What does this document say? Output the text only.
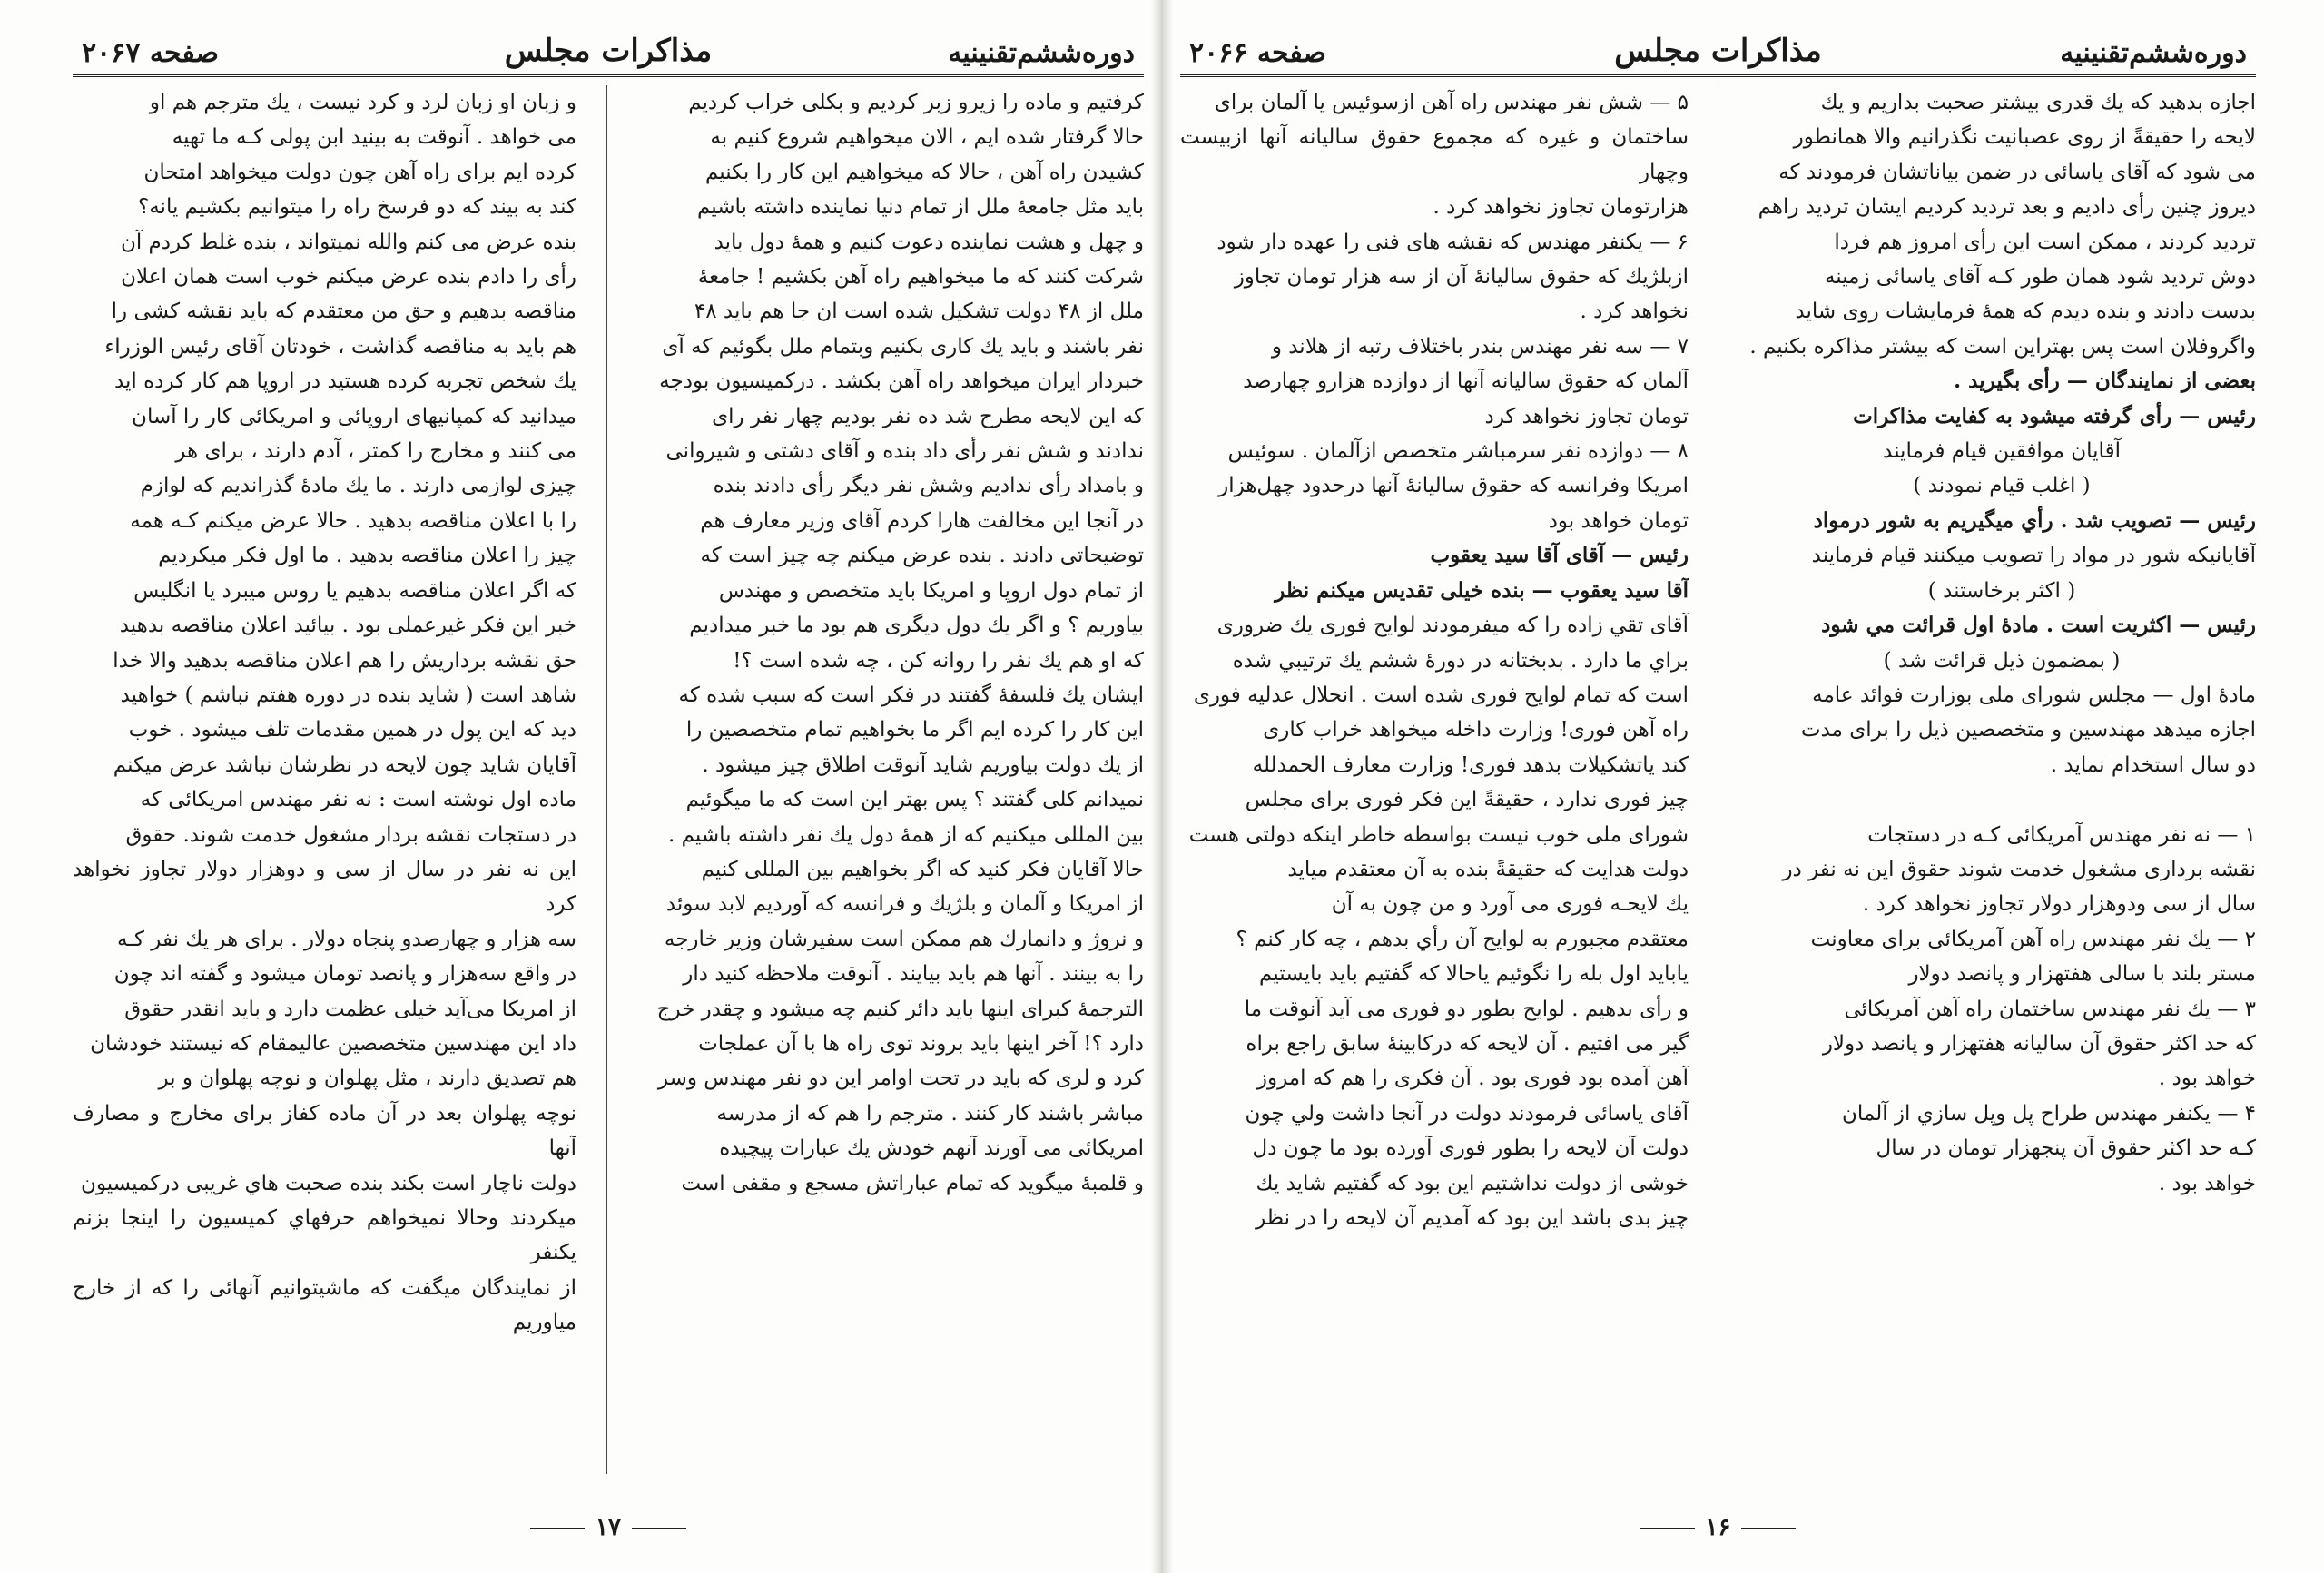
دوره‌ششم‌تقنینیه
مذاکرات مجلس
صفحه ۲۰۶۷

کرفتیم و ماده را زیرو زبر کردیم و بکلی خراب کردیم

حالا گرفتار شده ایم ، الان میخواهیم شروع کنیم به

کشیدن راه آهن ، حالا که میخواهیم این کار را بکنیم

باید مثل جامعهٔ ملل از تمام دنیا نماینده داشته باشیم

و چهل و هشت نماینده دعوت کنیم و همهٔ دول باید

شرکت کنند که ما میخواهیم راه آهن بکشیم ! جامعهٔ

ملل از ۴۸ دولت تشکیل شده است ان جا هم باید ۴۸

نفر باشند و باید یك کاری بکنیم وبتمام ملل بگوئیم که آی

خبردار ایران میخواهد راه آهن بکشد . درکمیسیون بودجه

که این لایحه مطرح شد ده نفر بودیم چهار نفر رای

ندادند و شش نفر رأی داد بنده و آقای دشتی و شیروانی

و بامداد رأی ندادیم وشش نفر دیگر رأی دادند بنده

در آنجا این مخالفت هارا کردم آقای وزیر معارف هم

توضیحاتی دادند . بنده عرض میکنم چه چیز است که

از تمام دول اروپا و امریکا باید متخصص و مهندس

بیاوریم ؟ و اگر یك دول دیگری هم بود ما خبر میدادیم

که او هم یك نفر را روانه کن ، چه شده است ؟!

ایشان یك فلسفهٔ گفتند در فکر است که سبب شده که

این کار را کرده ایم اگر ما بخواهیم تمام متخصصین را

از یك دولت بیاوریم شاید آنوقت اطلاق چیز میشود .

نمیدانم کلی گفتند ؟ پس بهتر این است که ما میگوئیم

بین المللی میکنیم که از همهٔ دول یك نفر داشته باشیم .

حالا آقایان فکر کنید که اگر بخواهیم بین المللی کنیم

از امریکا و آلمان و بلژیك و فرانسه که آوردیم لابد سوئد

و نروژ و دانمارك هم ممکن است سفیرشان وزیر خارجه

را به بینند . آنها هم باید بیایند . آنوقت ملاحظه کنید دار

الترجمهٔ کبرای اینها باید دائر کنیم چه میشود و چقدر خرج

دارد ؟! آخر اینها باید بروند توی راه ها با آن عملجات

کرد و لری که باید در تحت اوامر این دو نفر مهندس وسر

مباشر باشند کار کنند . مترجم را هم که از مدرسه

امریکائی می آورند آنهم خودش یك عبارات پیچیده

و قلمبهٔ میگوید که تمام عباراتش مسجع و مقفی است

و زبان او زبان لرد و کرد نیست ، یك مترجم هم او

می خواهد . آنوقت به بینید ابن پولی کـه ما تهیه

کرده ایم برای راه آهن چون دولت میخواهد امتحان

کند به بیند که دو فرسخ راه را میتوانیم بکشیم یانه؟

بنده عرض می کنم والله نمیتواند ، بنده غلط کردم آن

رأی را دادم بنده عرض میکنم خوب است همان اعلان

مناقصه بدهیم و حق من معتقدم که باید نقشه کشی را

هم باید به مناقصه گذاشت ، خودتان آقای رئیس الوزراء

یك شخص تجربه کرده هستید در اروپا هم کار کرده اید

میدانید که کمپانیهای اروپائی و امریکائی کار را آسان

می کنند و مخارج را کمتر ، آدم دارند ، برای هر

چیزی لوازمی دارند . ما یك مادهٔ گذراندیم که لوازم

را با اعلان مناقصه بدهید . حالا عرض میکنم کـه همه

چیز را اعلان مناقصه بدهید . ما اول فکر میکردیم

که اگر اعلان مناقصه بدهیم یا روس میبرد یا انگلیس

خبر این فکر غیرعملی بود . بیائید اعلان مناقصه بدهید

حق نقشه برداریش را هم اعلان مناقصه بدهید والا خدا

شاهد است ( شاید بنده در دوره هفتم نباشم ) خواهید

دید که این پول در همین مقدمات تلف میشود . خوب

آقایان شاید چون لایحه در نظرشان نباشد عرض میکنم

ماده اول نوشته است : نه نفر مهندس امریکائی که

در دستجات نقشه بردار مشغول خدمت شوند. حقوق

این نه نفر در سال از سی و دوهزار دولار تجاوز نخواهد کرد

سه هزار و چهارصدو پنجاه دولار . برای هر یك نفر کـه

در واقع سه‌هزار و پانصد تومان میشود و گفته اند چون

از امریکا می‌آید خیلی عظمت دارد و باید انقدر حقوق

داد این مهندسین متخصصین عالیمقام که نیستند خودشان

هم تصدیق دارند ، مثل پهلوان و نوچه پهلوان و بر

نوچه پهلوان بعد در آن ماده کفاز برای مخارج و مصارف آنها

دولت ناچار است بکند بنده صحبت هاي غریبی درکمیسیون

میکردند وحالا نمیخواهم حرفهاي کمیسیون را اینجا بزنم یکنفر

از نمایندگان میگفت که ماشیتوانیم آنهائی را که از خارج میاوریم

۱۷
دوره‌ششم‌تقنینیه
مذاکرات مجلس
صفحه ۲۰۶۶

اجازه بدهید که یك قدری بیشتر صحبت بداریم و یك

لایحه را حقیقةً از روی عصبانیت نگذرانیم والا همانطور

می شود که آقای یاسائی در ضمن بیاناتشان فرمودند که

دیروز چنین رأی دادیم و بعد تردید کردیم ایشان تردید راهم

تردید کردند ، ممکن است این رأی امروز هم فردا

دوش تردید شود همان طور کـه آقای یاسائی زمینه

بدست دادند و بنده دیدم که همهٔ فرمایشات روی شاید

واگروفلان است پس بهتراین است که بیشتر مذاکره بکنیم .

بعضی از نمایندگان — رأی بگیرید .

رئیس — رأی گرفته میشود به کفایت مذاکرات

آقایان موافقین قیام فرمایند

( اغلب قیام نمودند )

رئیس — تصویب شد . رأي میگیریم به شور درمواد

آقایانیکه شور در مواد را تصویب میکنند قیام فرمایند

( اکثر برخاستند )

رئیس — اکثریت است . مادهٔ اول قرائت مي شود

( بمضمون ذیل قرائت شد )

مادهٔ اول — مجلس شورای ملی بوزارت فوائد عامه

اجازه میدهد مهندسین و متخصصین ذیل را برای مدت

دو سال استخدام نماید .

۱ — نه نفر مهندس آمریکائی کـه در دستجات

نقشه برداری مشغول خدمت شوند حقوق این نه نفر در

سال از سی ودوهزار دولار تجاوز نخواهد کرد .

۲ — یك نفر مهندس راه آهن آمریکائی برای معاونت

مستر بلند با سالی هفتهزار و پانصد دولار

۳ — یك نفر مهندس ساختمان راه آهن آمریکائی

که حد اکثر حقوق آن سالیانه هفتهزار و پانصد دولار

خواهد بود .

۴ — یکنفر مهندس طراح پل وپل سازي از آلمان

کـه حد اکثر حقوق آن پنجهزار تومان در سال

خواهد بود .

۵ — شش نفر مهندس راه آهن ازسوئیس یا آلمان برای

ساختمان و غیره که مجموع حقوق سالیانه آنها ازبیست وچهار

هزارتومان تجاوز نخواهد کرد .

۶ — یکنفر مهندس که نقشه های فنی را عهده دار شود

ازبلژیك که حقوق سالیانهٔ آن از سه هزار تومان تجاوز

نخواهد کرد .

۷ — سه نفر مهندس بندر باختلاف رتبه از هلاند و

آلمان که حقوق سالیانه آنها از دوازده هزارو چهارصد

تومان تجاوز نخواهد کرد

۸ — دوازده نفر سرمباشر متخصص ازآلمان . سوئیس

امریکا وفرانسه که حقوق سالیانهٔ آنها درحدود چهل‌هزار

تومان خواهد بود

رئیس — آقای آقا سید یعقوب

آقا سید یعقوب — بنده خیلی تقدیس میکنم نظر

آقای تقي زاده را که میفرمودند لوایح فوری یك ضروری

براي ما دارد . بدبختانه در دورهٔ ششم یك ترتیبي شده

است که تمام لوایح فوری شده است . انحلال عدلیه فوری

راه آهن فوری! وزارت داخله میخواهد خراب کاری

کند یاتشکیلات بدهد فوری! وزارت معارف الحمدلله

چیز فوری ندارد ، حقیقةً این فکر فوری برای مجلس

شورای ملی خوب نیست بواسطه خاطر اینکه دولتی هست

دولت هدایت که حقیقةً بنده به آن معتقدم میاید

یك لایحـه فوری می آورد و من چون به آن

معتقدم مجبورم به لوایح آن رأي بدهم ، چه کار کنم ؟

یاباید اول بله را نگوئیم یاحالا که گفتیم باید بایستیم

و رأی بدهیم . لوایح بطور دو فوری می آید آنوقت ما

گیر می افتیم . آن لایحه که درکابینهٔ سابق راجع براه

آهن آمده بود فوری بود . آن فکری را هم که امروز

آقای یاسائی فرمودند دولت در آنجا داشت ولي چون

دولت آن لایحه را بطور فوری آورده بود ما چون دل

خوشی از دولت نداشتیم این بود که گفتیم شاید یك

چیز بدی باشد این بود که آمدیم آن لایحه را در نظر

۱۶
